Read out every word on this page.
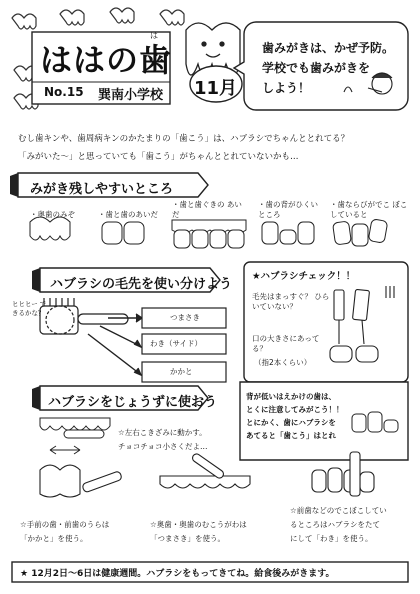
ははの歯
は
No.15 巽南小学校 11月
歯みがきは、かぜ予防。
学校でも歯みがきを
しよう！
むし歯キンや、歯周病キンのかたまりの「歯こう」は、ハブラシでちゃんととれてる？
「みがいた～」と思っていても「歯こう」がちゃんととれていないかも…
みがき残しやすいところ
・奥歯のみぞ	・歯と歯のあいだ
・歯と歯ぐきの あいだ
・歯の背がひくい ところ
・歯ならびがでこ ぼこしていると
ハブラシの毛先を使い分けよう
ヒヒヒー できるかな？
つまさき
わき（サイド）
かかと
★ハブラシチェック！！
毛先はまっすぐ？ ひらいていない？
口の大きさにあってる？
（指2本くらい）
ハブラシをじょうずに使おう
☆左右こきざみに動かす。
チョコチョコ小さくだよ…
背が低いはえかけの歯は、
とくに注意してみがこう！！
とにかく、歯にハブラシを
あてると「歯こう」はとれ
☆手前の歯・前歯のうらは
「かかと」を使う。
☆奥歯・奥歯のむこうがわは
「つまさき」を使う。
☆前歯などのでこぼこしてい
るところはハブラシをたて
にして「わき」を使う。
★ 12月2日～6日は健康週間。ハブラシをもってきてね。給食後みがきます。
